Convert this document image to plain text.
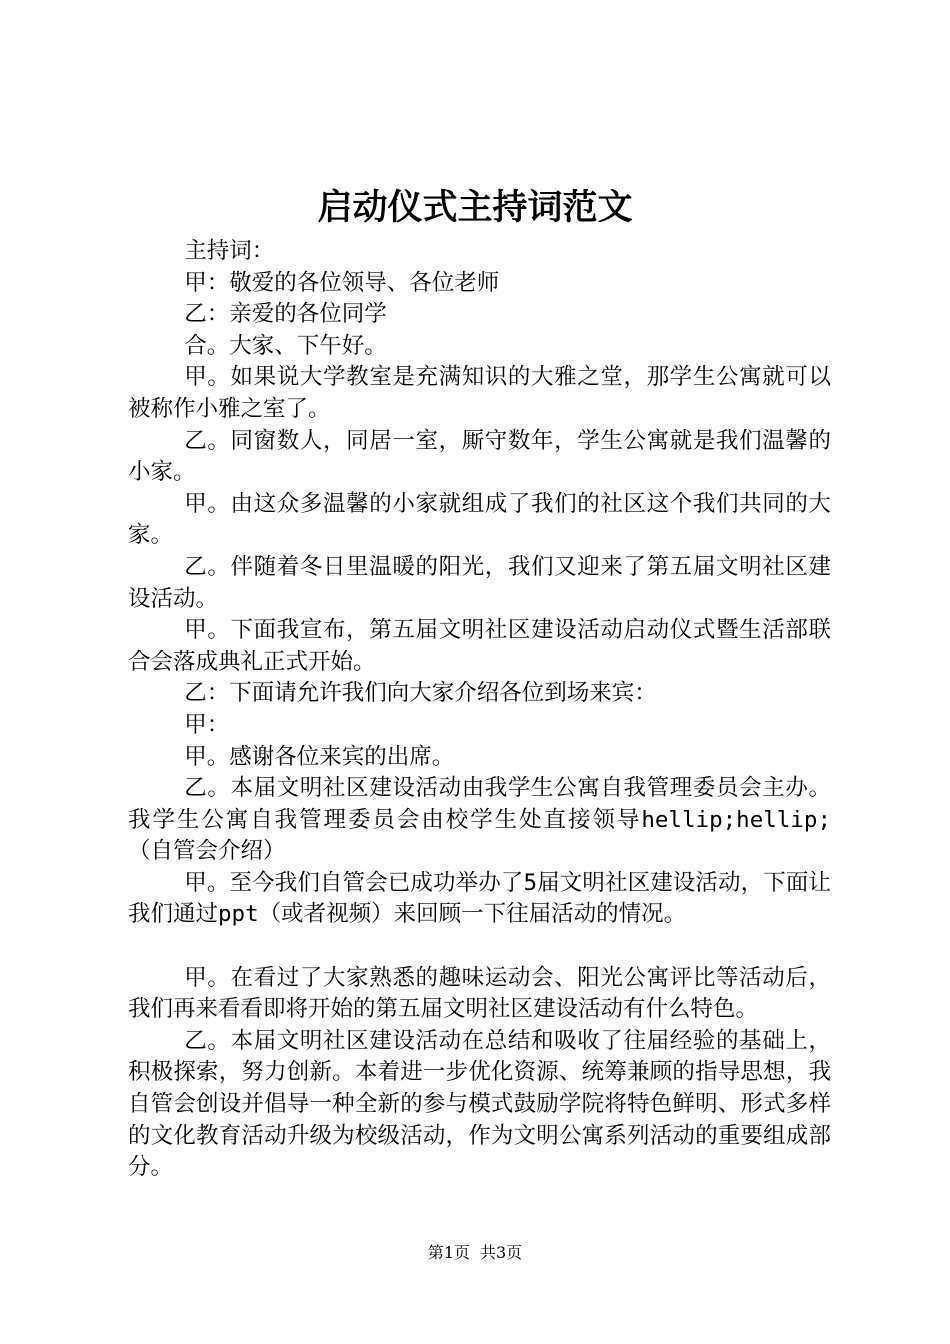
启动仪式主持词范文

主持词：

甲：敬爱的各位领导、各位老师

乙：亲爱的各位同学

合。大家、下午好。

甲。如果说大学教室是充满知识的大雅之堂，那学生公寓就可以被称作小雅之室了。

乙。同窗数人，同居一室，厮守数年，学生公寓就是我们温馨的小家。

甲。由这众多温馨的小家就组成了我们的社区这个我们共同的大家。

乙。伴随着冬日里温暖的阳光，我们又迎来了第五届文明社区建设活动。

甲。下面我宣布，第五届文明社区建设活动启动仪式暨生活部联合会落成典礼正式开始。

乙：下面请允许我们向大家介绍各位到场来宾：

甲：

甲。感谢各位来宾的出席。

乙。本届文明社区建设活动由我学生公寓自我管理委员会主办。我学生公寓自我管理委员会由校学生处直接领导hellip;hellip;（自管会介绍）

甲。至今我们自管会已成功举办了5届文明社区建设活动，下面让我们通过ppt（或者视频）来回顾一下往届活动的情况。

甲。在看过了大家熟悉的趣味运动会、阳光公寓评比等活动后，我们再来看看即将开始的第五届文明社区建设活动有什么特色。

乙。本届文明社区建设活动在总结和吸收了往届经验的基础上，积极探索，努力创新。本着进一步优化资源、统筹兼顾的指导思想，我自管会创设并倡导一种全新的参与模式鼓励学院将特色鲜明、形式多样的文化教育活动升级为校级活动，作为文明公寓系列活动的重要组成部分。

第1页 共3页
